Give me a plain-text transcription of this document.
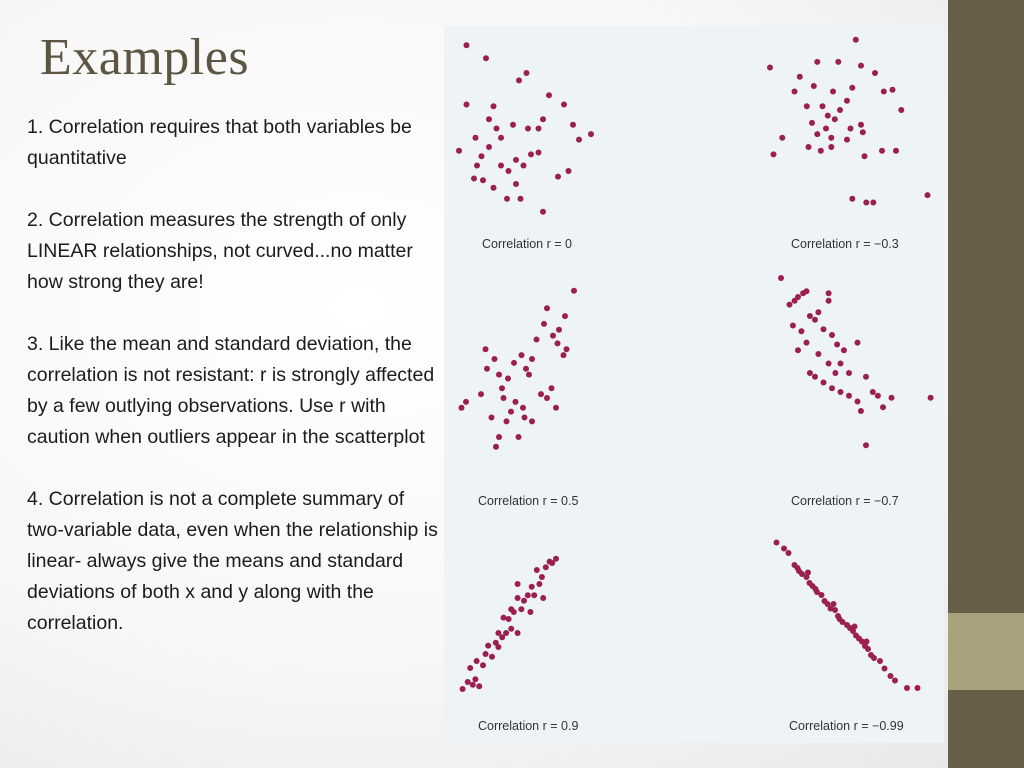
Examples

1. Correlation requires that both variables be quantitative

2. Correlation measures the strength of only LINEAR relationships, not curved...no matter how strong they are!

3. Like the mean and standard deviation, the correlation is not resistant: r is strongly affected by a few outlying observations. Use r with caution when outliers appear in the scatterplot

4. Correlation is not a complete summary of two-variable data, even when the relationship is linear- always give the means and standard deviations of both x and y along with the correlation.

Correlation r = 0	Correlation r = −0.3
Correlation r = 0.5	Correlation r = −0.7
Correlation r = 0.9	Correlation r = −0.99
